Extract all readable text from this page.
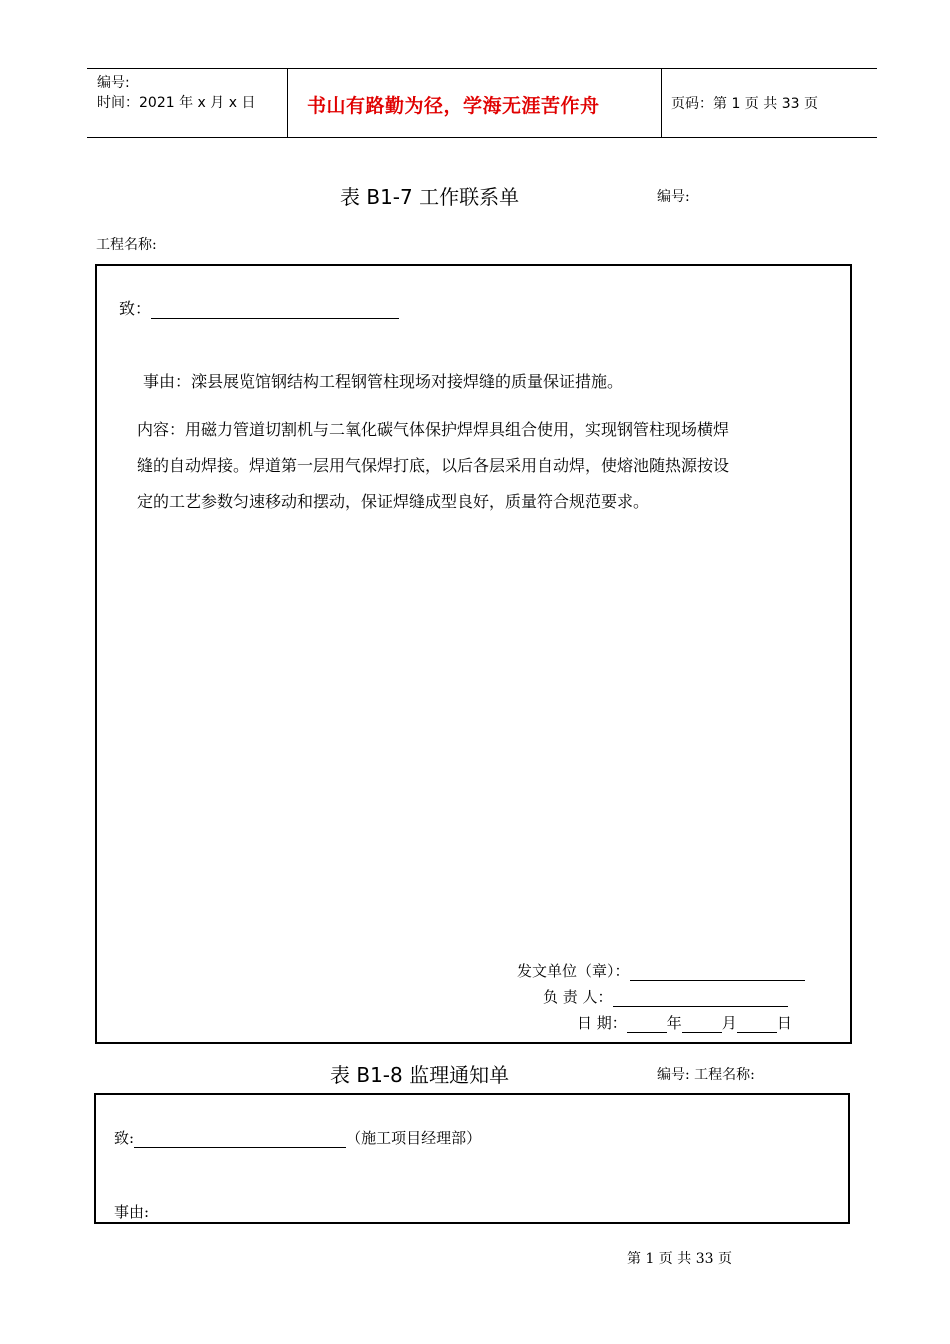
编号:
时间：2021 年 x 月 x 日	书山有路勤为径，学海无涯苦作舟	页码：第 1 页 共 33 页
表 B1-7 工作联系单	编号:
工程名称:
致：
事由：滦县展览馆钢结构工程钢管柱现场对接焊缝的质量保证措施。
内容：用磁力管道切割机与二氧化碳气体保护焊焊具组合使用，实现钢管柱现场横焊
缝的自动焊接。焊道第一层用气保焊打底，以后各层采用自动焊，使熔池随热源按设
定的工艺参数匀速移动和摆动，保证焊缝成型良好，质量符合规范要求。
发文单位（章）：
负 责 人：
日 期：	年	月	日
表 B1-8 监理通知单	编号: 工程名称:
致:	（施工项目经理部）
事由:
第 1 页 共 33 页
